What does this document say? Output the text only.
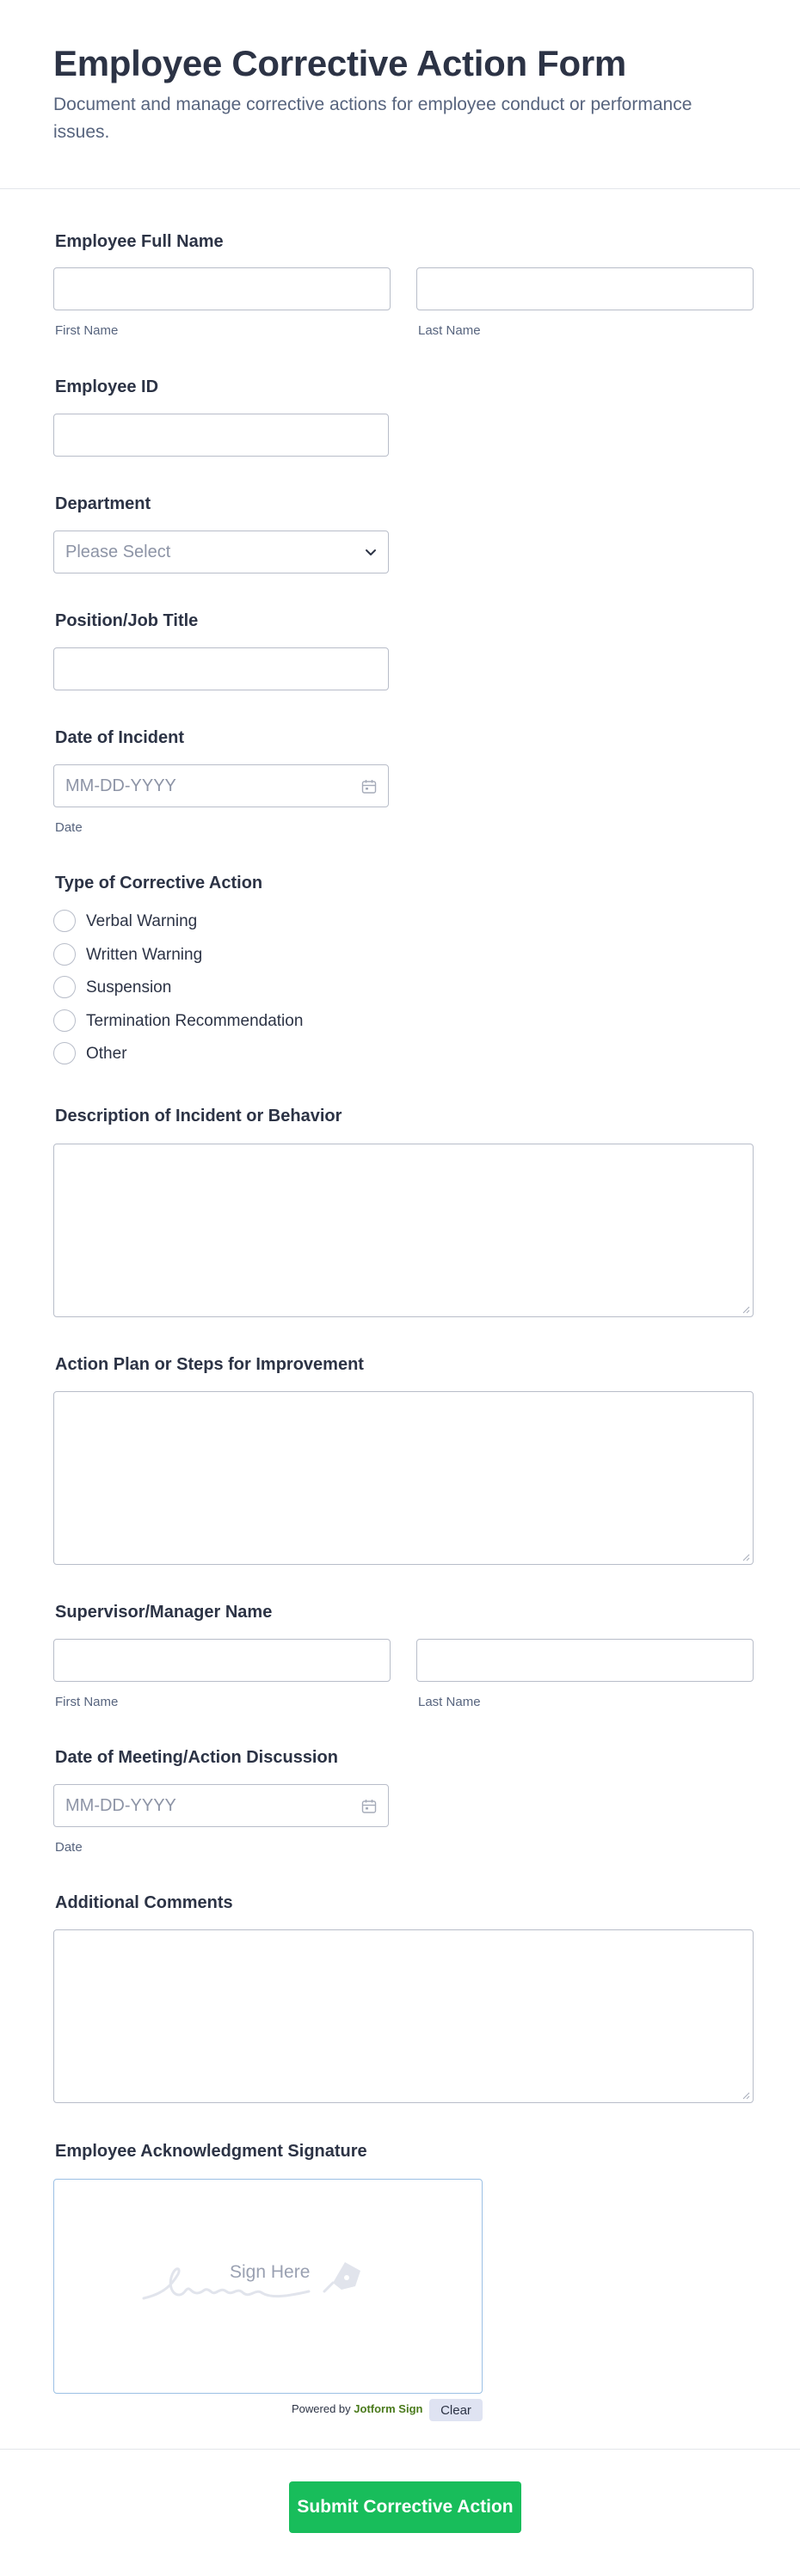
Employee Corrective Action Form
Document and manage corrective actions for employee conduct or performance issues.
Employee Full Name
First Name	Last Name
Employee ID
Department
Please Select
Position/Job Title
Date of Incident
MM-DD-YYYY
Date
Type of Corrective Action
Verbal Warning
Written Warning
Suspension
Termination Recommendation
Other
Description of Incident or Behavior
Action Plan or Steps for Improvement
Supervisor/Manager Name
First Name	Last Name
Date of Meeting/Action Discussion
MM-DD-YYYY
Date
Additional Comments
Employee Acknowledgment Signature
Sign Here
Powered by Jotform Sign	Clear
Submit Corrective Action
